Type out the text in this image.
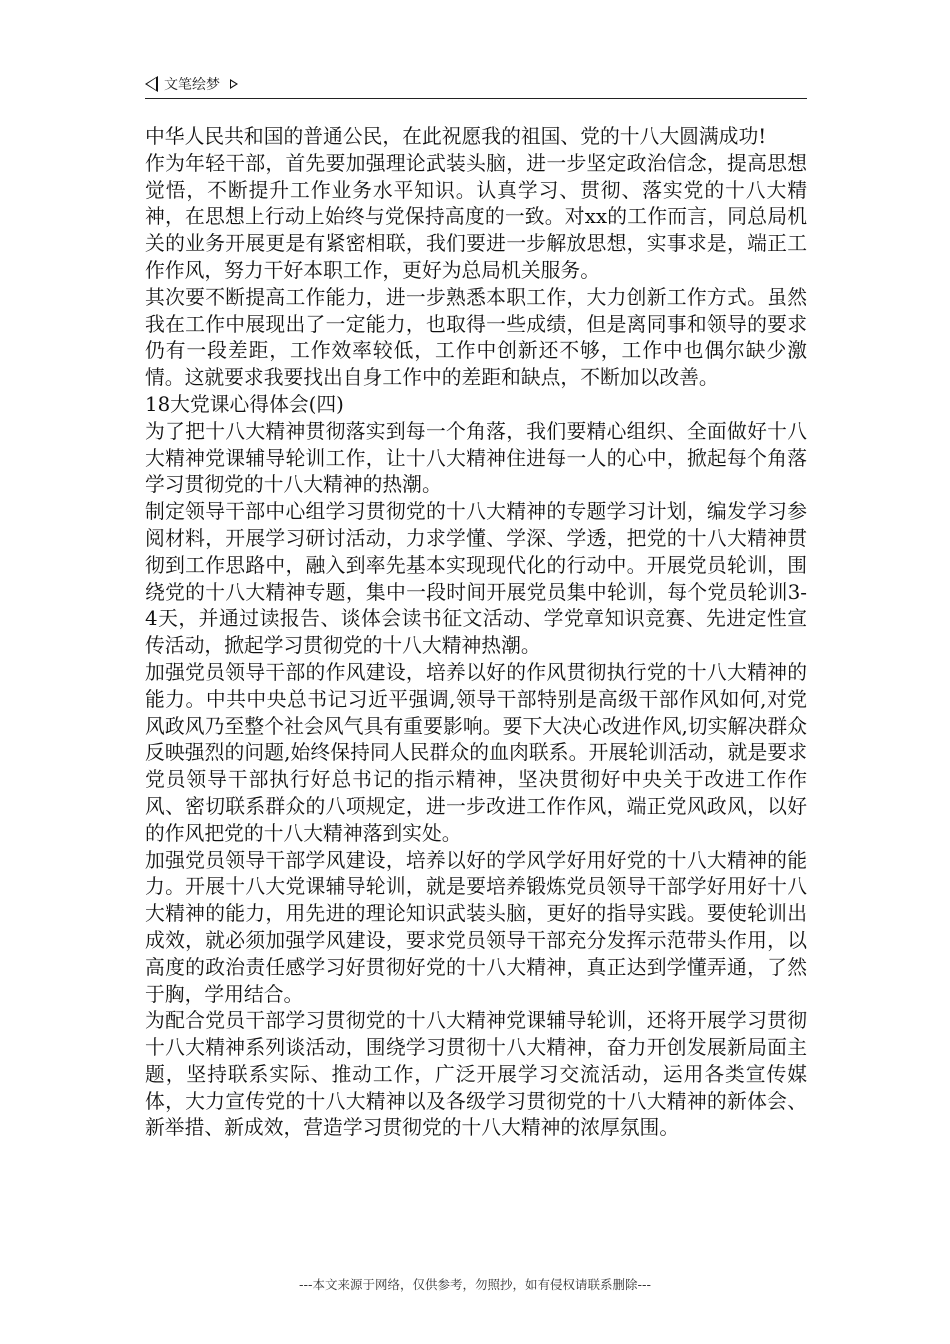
文笔绘梦

中华人民共和国的普通公民，在此祝愿我的祖国、党的十八大圆满成功!

作为年轻干部，首先要加强理论武装头脑，进一步坚定政治信念，提高思想觉悟，不断提升工作业务水平知识。认真学习、贯彻、落实党的十八大精神，在思想上行动上始终与党保持高度的一致。对xx的工作而言，同总局机关的业务开展更是有紧密相联，我们要进一步解放思想，实事求是，端正工作作风，努力干好本职工作，更好为总局机关服务。

其次要不断提高工作能力，进一步熟悉本职工作，大力创新工作方式。虽然我在工作中展现出了一定能力，也取得一些成绩，但是离同事和领导的要求仍有一段差距，工作效率较低，工作中创新还不够，工作中也偶尔缺少激情。这就要求我要找出自身工作中的差距和缺点，不断加以改善。

18大党课心得体会(四)

为了把十八大精神贯彻落实到每一个角落，我们要精心组织、全面做好十八大精神党课辅导轮训工作，让十八大精神住进每一人的心中，掀起每个角落学习贯彻党的十八大精神的热潮。

制定领导干部中心组学习贯彻党的十八大精神的专题学习计划，编发学习参阅材料，开展学习研讨活动，力求学懂、学深、学透，把党的十八大精神贯彻到工作思路中，融入到率先基本实现现代化的行动中。开展党员轮训，围绕党的十八大精神专题，集中一段时间开展党员集中轮训，每个党员轮训3-4天，并通过读报告、谈体会读书征文活动、学党章知识竞赛、先进定性宣传活动，掀起学习贯彻党的十八大精神热潮。

加强党员领导干部的作风建设，培养以好的作风贯彻执行党的十八大精神的能力。中共中央总书记习近平强调,领导干部特别是高级干部作风如何,对党风政风乃至整个社会风气具有重要影响。要下大决心改进作风,切实解决群众反映强烈的问题,始终保持同人民群众的血肉联系。开展轮训活动，就是要求党员领导干部执行好总书记的指示精神，坚决贯彻好中央关于改进工作作风、密切联系群众的八项规定，进一步改进工作作风，端正党风政风，以好的作风把党的十八大精神落到实处。

加强党员领导干部学风建设，培养以好的学风学好用好党的十八大精神的能力。开展十八大党课辅导轮训，就是要培养锻炼党员领导干部学好用好十八大精神的能力，用先进的理论知识武装头脑，更好的指导实践。要使轮训出成效，就必须加强学风建设，要求党员领导干部充分发挥示范带头作用，以高度的政治责任感学习好贯彻好党的十八大精神，真正达到学懂弄通，了然于胸，学用结合。

为配合党员干部学习贯彻党的十八大精神党课辅导轮训，还将开展学习贯彻十八大精神系列谈活动，围绕学习贯彻十八大精神，奋力开创发展新局面主题，坚持联系实际、推动工作，广泛开展学习交流活动，运用各类宣传媒体，大力宣传党的十八大精神以及各级学习贯彻党的十八大精神的新体会、新举措、新成效，营造学习贯彻党的十八大精神的浓厚氛围。

---本文来源于网络，仅供参考，勿照抄，如有侵权请联系删除---
